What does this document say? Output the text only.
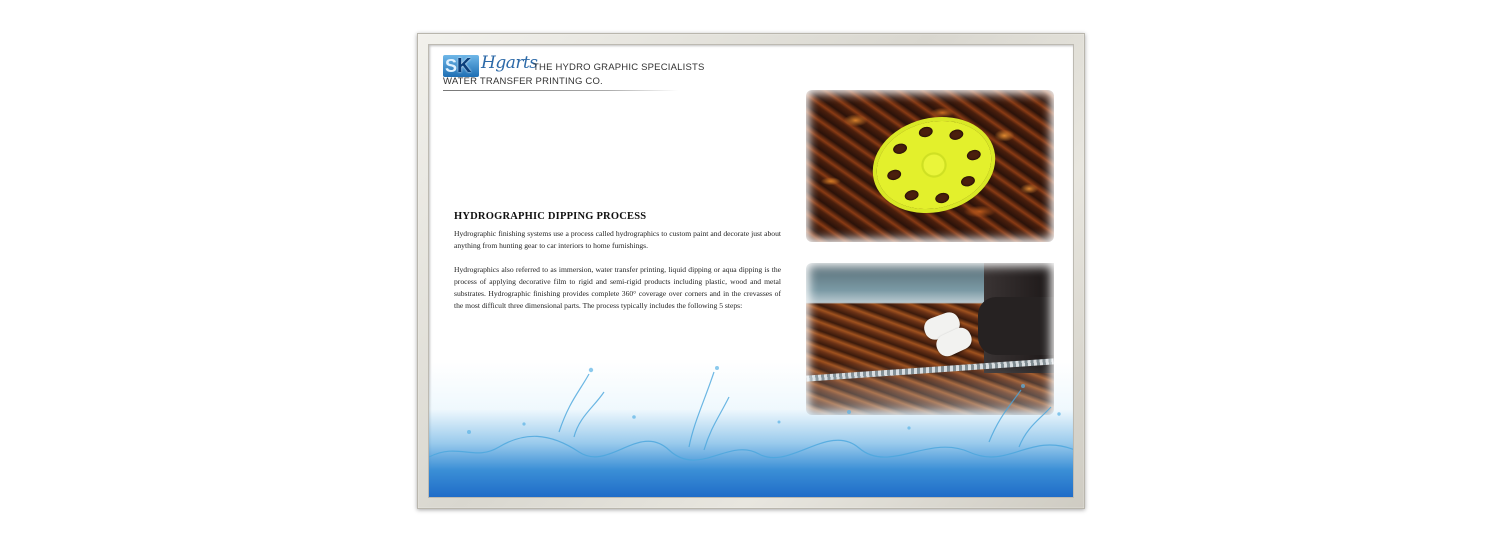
S K Hgarts
THE HYDRO GRAPHIC SPECIALISTS
WATER TRANSFER PRINTING CO.
HYDROGRAPHIC DIPPING PROCESS

Hydrographic finishing systems use a process called hydrographics to custom paint and decorate just about anything from hunting gear to car interiors to home furnishings.

Hydrographics also referred to as immersion, water transfer printing, liquid dipping or aqua dipping is the process of applying decorative film to rigid and semi-rigid products including plastic, wood and metal substrates. Hydrographic finishing provides complete 360° coverage over corners and in the crevasses of the most difficult three dimensional parts. The process typically includes the following 5 steps:
